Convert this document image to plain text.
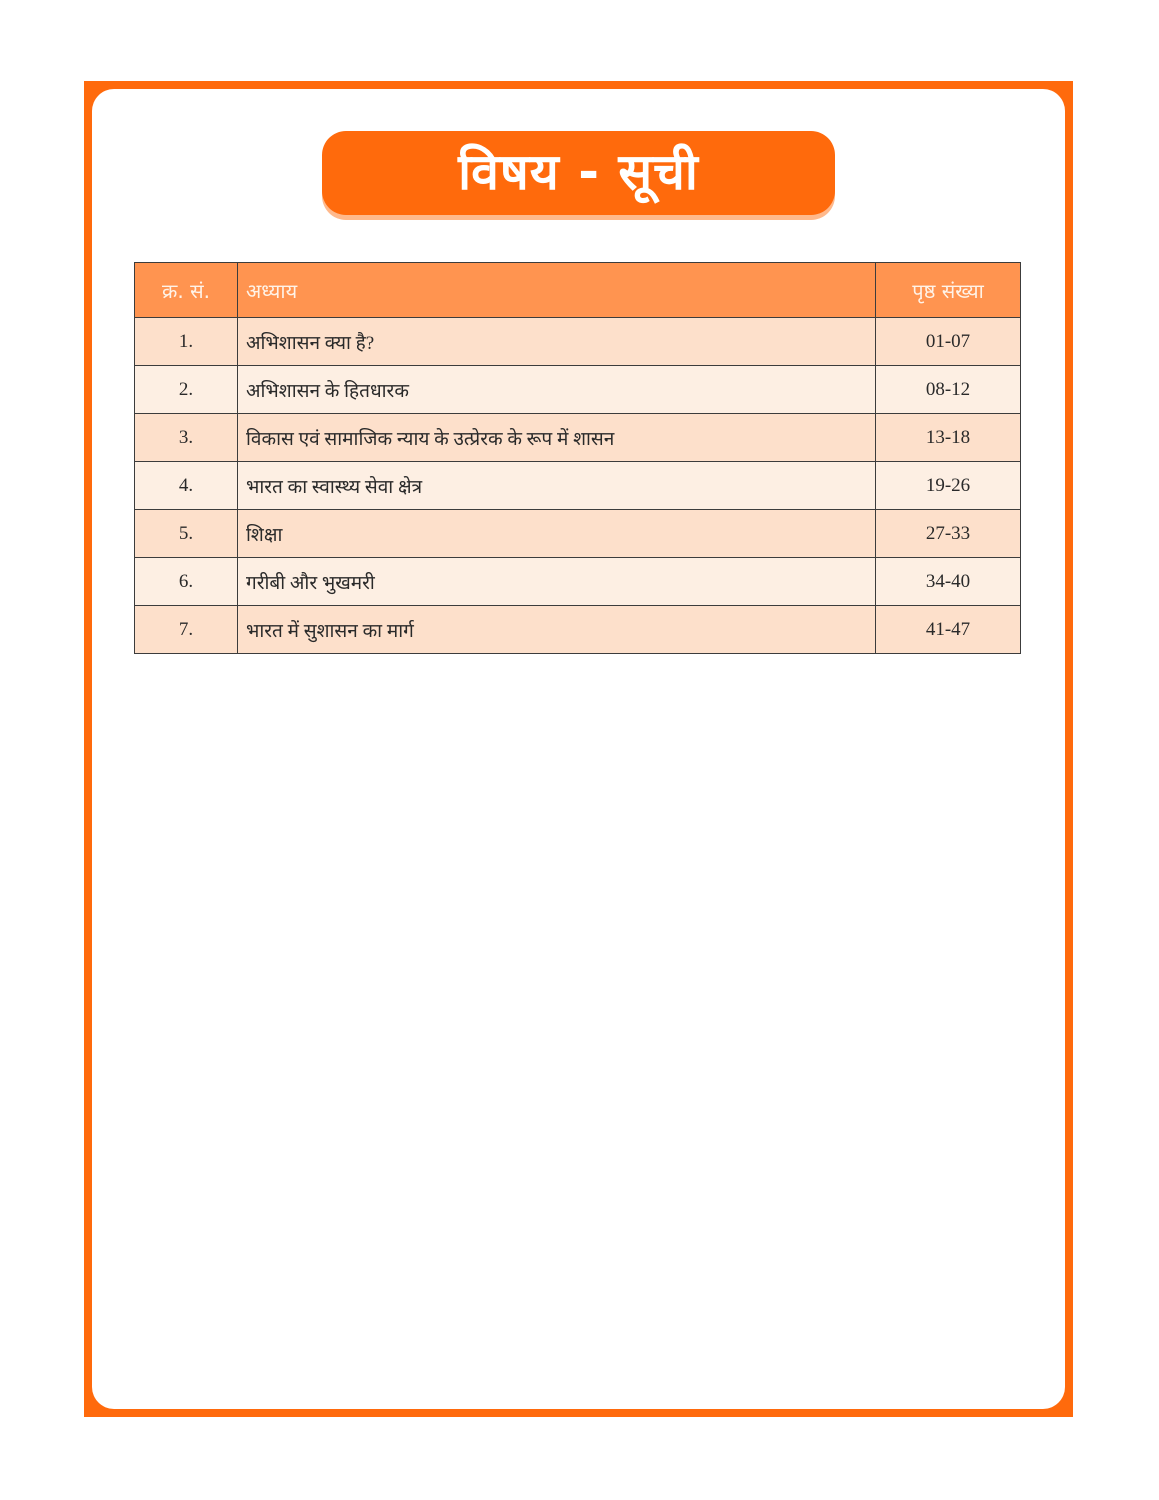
विषय - सूची
क्र. सं.	अध्याय	पृष्ठ संख्या
1.	अभिशासन क्या है?	01-07
2.	अभिशासन के हितधारक	08-12
3.	विकास एवं सामाजिक न्याय के उत्प्रेरक के रूप में शासन	13-18
4.	भारत का स्वास्थ्य सेवा क्षेत्र	19-26
5.	शिक्षा	27-33
6.	गरीबी और भुखमरी	34-40
7.	भारत में सुशासन का मार्ग	41-47
